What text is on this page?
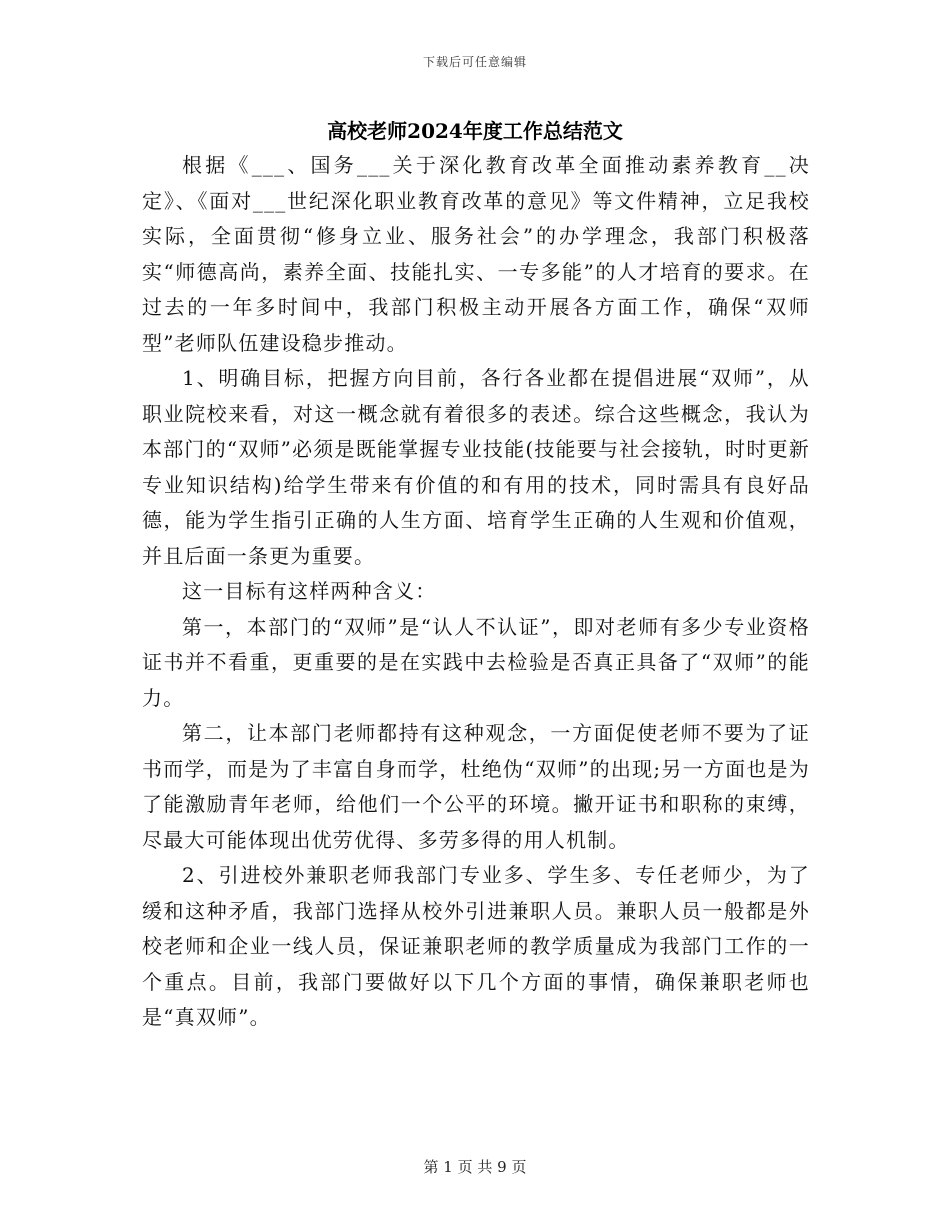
下载后可任意编辑
高校老师2024年度工作总结范文

根据《___、国务___关于深化教育改革全面推动素养教育__决定》、《面对___世纪深化职业教育改革的意见》等文件精神，立足我校实际，全面贯彻“修身立业、服务社会”的办学理念，我部门积极落实“师德高尚，素养全面、技能扎实、一专多能”的人才培育的要求。在过去的一年多时间中，我部门积极主动开展各方面工作，确保“双师型”老师队伍建设稳步推动。

1、明确目标，把握方向目前，各行各业都在提倡进展“双师”，从职业院校来看，对这一概念就有着很多的表述。综合这些概念，我认为本部门的“双师”必须是既能掌握专业技能(技能要与社会接轨，时时更新专业知识结构)给学生带来有价值的和有用的技术，同时需具有良好品德，能为学生指引正确的人生方面、培育学生正确的人生观和价值观，并且后面一条更为重要。

这一目标有这样两种含义：

第一，本部门的“双师”是“认人不认证”，即对老师有多少专业资格证书并不看重，更重要的是在实践中去检验是否真正具备了“双师”的能力。

第二，让本部门老师都持有这种观念，一方面促使老师不要为了证书而学，而是为了丰富自身而学，杜绝伪“双师”的出现;另一方面也是为了能激励青年老师，给他们一个公平的环境。撇开证书和职称的束缚，尽最大可能体现出优劳优得、多劳多得的用人机制。

2、引进校外兼职老师我部门专业多、学生多、专任老师少，为了缓和这种矛盾，我部门选择从校外引进兼职人员。兼职人员一般都是外校老师和企业一线人员，保证兼职老师的教学质量成为我部门工作的一个重点。目前，我部门要做好以下几个方面的事情，确保兼职老师也是“真双师”。

第 1 页 共 9 页
